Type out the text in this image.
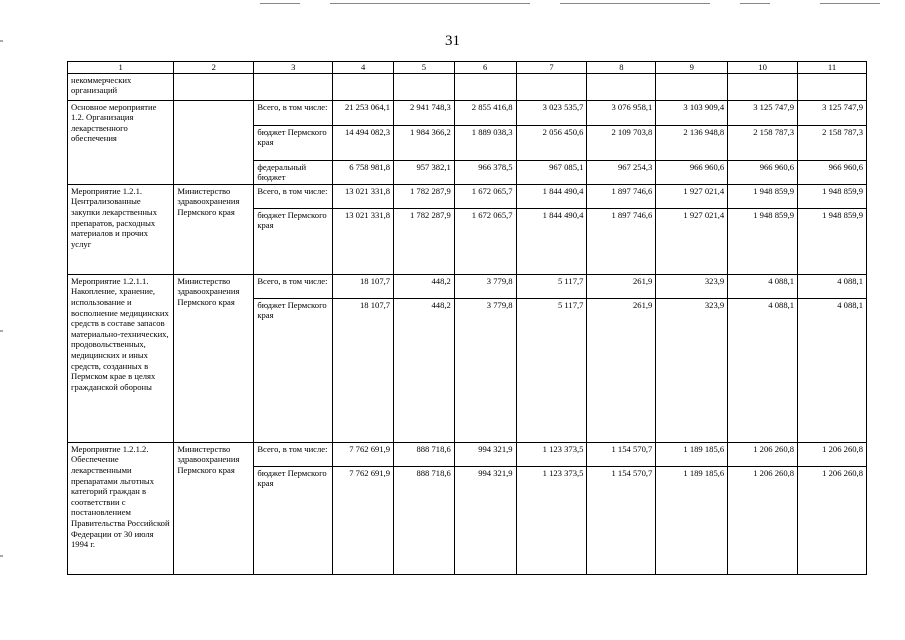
31
1	2	3	4	5	6	7	8	9	10	11
некоммерческих организаций										
Основное мероприятие 1.2. Организация лекарственного обеспечения		Всего, в том числе:	21 253 064,1	2 941 748,3	2 855 416,8	3 023 535,7	3 076 958,1	3 103 909,4	3 125 747,9	3 125 747,9
		бюджет Пермского края	14 494 082,3	1 984 366,2	1 889 038,3	2 056 450,6	2 109 703,8	2 136 948,8	2 158 787,3	2 158 787,3
		федеральный бюджет	6 758 981,8	957 382,1	966 378,5	967 085,1	967 254,3	966 960,6	966 960,6	966 960,6
Мероприятие 1.2.1. Централизованные закупки лекарственных препаратов, расходных материалов и прочих услуг	Министерство здравоохранения Пермского края	Всего, в том числе:	13 021 331,8	1 782 287,9	1 672 065,7	1 844 490,4	1 897 746,6	1 927 021,4	1 948 859,9	1 948 859,9
		бюджет Пермского края	13 021 331,8	1 782 287,9	1 672 065,7	1 844 490,4	1 897 746,6	1 927 021,4	1 948 859,9	1 948 859,9
Мероприятие 1.2.1.1. Накопление, хранение, использование и восполнение медицинских средств в составе запасов материально-технических, продовольственных, медицинских и иных средств, созданных в Пермском крае в целях гражданской обороны	Министерство здравоохранения Пермского края	Всего, в том числе:	18 107,7	448,2	3 779,8	5 117,7	261,9	323,9	4 088,1	4 088,1
		бюджет Пермского края	18 107,7	448,2	3 779,8	5 117,7	261,9	323,9	4 088,1	4 088,1
Мероприятие 1.2.1.2. Обеспечение лекарственными препаратами льготных категорий граждан в соответствии с постановлением Правительства Российской Федерации от 30 июля 1994 г.	Министерство здравоохранения Пермского края	Всего, в том числе:	7 762 691,9	888 718,6	994 321,9	1 123 373,5	1 154 570,7	1 189 185,6	1 206 260,8	1 206 260,8
		бюджет Пермского края	7 762 691,9	888 718,6	994 321,9	1 123 373,5	1 154 570,7	1 189 185,6	1 206 260,8	1 206 260,8
